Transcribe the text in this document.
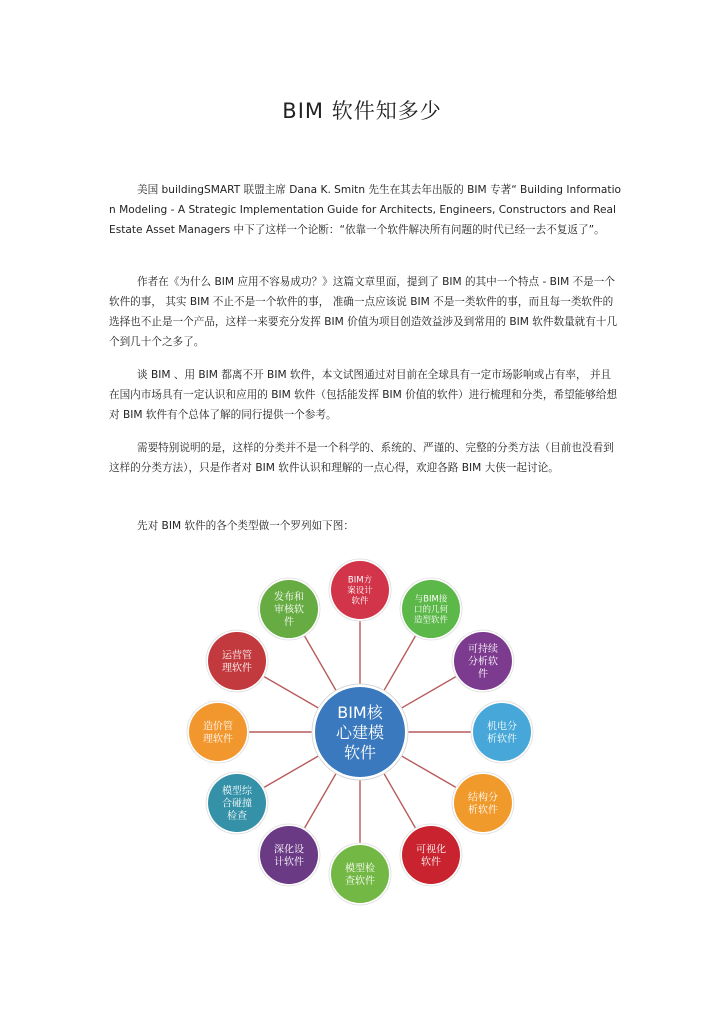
BIM 软件知多少

美国 buildingSMART 联盟主席 Dana K. Smitn 先生在其去年出版的 BIM 专著“ Building Information Modeling - A Strategic Implementation Guide for Architects, Engineers, Constructors and Real Estate Asset Managers 中下了这样一个论断：“依靠一个软件解决所有问题的时代已经一去不复返了”。

作者在《为什么 BIM 应用不容易成功？》这篇文章里面，提到了 BIM 的其中一个特点 - BIM 不是一个软件的事， 其实 BIM 不止不是一个软件的事， 准确一点应该说 BIM 不是一类软件的事，而且每一类软件的选择也不止是一个产品，这样一来要充分发挥 BIM 价值为项目创造效益涉及到常用的 BIM 软件数量就有十几个到几十个之多了。

谈 BIM 、用 BIM 都离不开 BIM 软件，本文试图通过对目前在全球具有一定市场影响或占有率， 并且在国内市场具有一定认识和应用的 BIM 软件（包括能发挥 BIM 价值的软件）进行梳理和分类，希望能够给想对 BIM 软件有个总体了解的同行提供一个参考。

需要特别说明的是，这样的分类并不是一个科学的、系统的、严谨的、完整的分类方法（目前也没看到这样的分类方法），只是作者对 BIM 软件认识和理解的一点心得，欢迎各路 BIM 大侠一起讨论。

先对 BIM 软件的各个类型做一个罗列如下图：

BIM方
案设计
软件	与BIM接
口的几何
造型软件
可持续
分析软
件
机电分
析软件
结构分
析软件
可视化
软件
模型检
查软件
深化设
计软件
模型综
合碰撞
检查
造价管
理软件
运营管
理软件
发布和
审核软
件
BIM核
心建模
软件
